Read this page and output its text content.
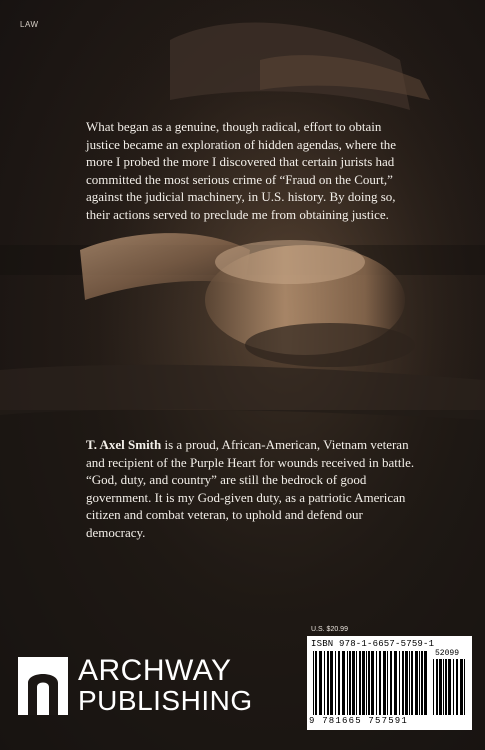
LAW

What began as a genuine, though radical, effort to obtain justice became an exploration of hidden agendas, where the more I probed the more I discovered that certain jurists had committed the most serious crime of “Fraud on the Court,” against the judicial machinery, in U.S. history. By doing so, their actions served to preclude me from obtaining justice.

T. Axel Smith is a proud, African-American, Vietnam veteran and recipient of the Purple Heart for wounds received in battle. “God, duty, and country” are still the bedrock of good government. It is my God-given duty, as a patriotic American citizen and combat veteran, to uphold and defend our democracy.

ARCHWAY
PUBLISHING
U.S. $20.99
ISBN 978-1-6657-5759-1
9 781665 757591
52099
